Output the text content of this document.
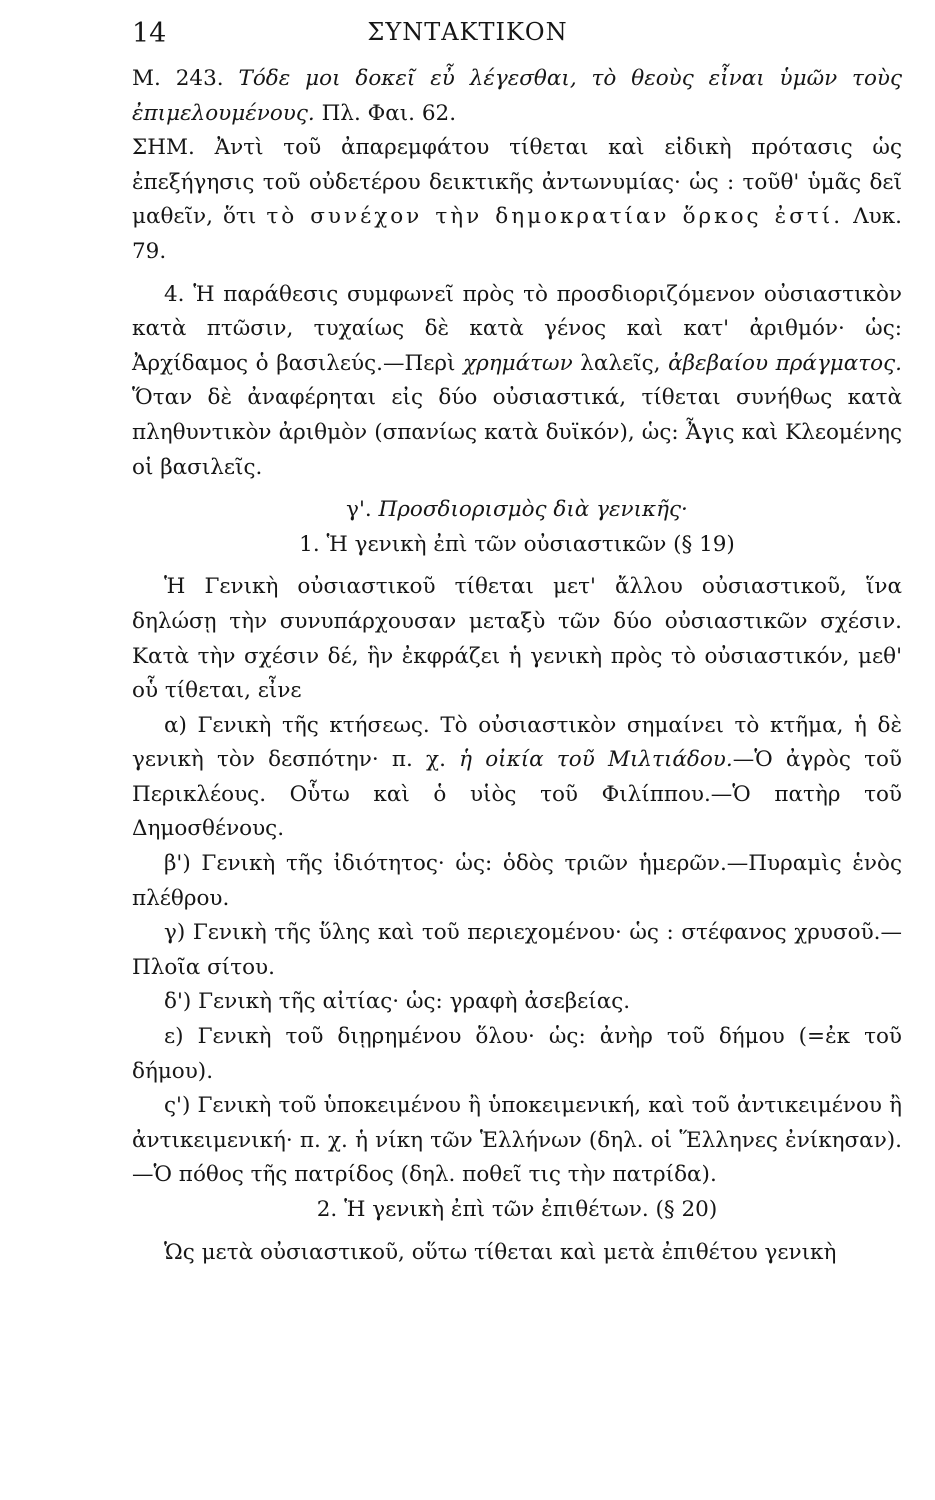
14	ΣΥΝΤΑΚΤΙΚΟΝ

Μ. 243. Τόδε μοι δοκεῖ εὖ λέγεσθαι, τὸ θεοὺς εἶναι ὑμῶν τοὺς ἐπιμελουμένους. Πλ. Φαι. 62.

ΣΗΜ. Ἀντὶ τοῦ ἀπαρεμφάτου τίθεται καὶ εἰδικὴ πρότασις ὡς ἐπεξήγησις τοῦ οὐδετέρου δεικτικῆς ἀντωνυμίας· ὡς : τοῦθ' ὑμᾶς δεῖ μαθεῖν, ὅτι τὸ συνέχον τὴν δημοκρατίαν ὅρκος ἐστί. Λυκ. 79.

4. Ἡ παράθεσις συμφωνεῖ πρὸς τὸ προσδιοριζόμενον οὐσιαστικὸν κατὰ πτῶσιν, τυχαίως δὲ κατὰ γένος καὶ κατ' ἀριθμόν· ὡς: Ἀρχίδαμος ὁ βασιλεύς.—Περὶ χρημάτων λαλεῖς, ἀβεβαίου πράγματος. Ὅταν δὲ ἀναφέρηται εἰς δύο οὐσιαστικά, τίθεται συνήθως κατὰ πληθυντικὸν ἀριθμὸν (σπανίως κατὰ δυϊκόν), ὡς: Ἆγις καὶ Κλεομένης οἱ βασιλεῖς.

γ'. Προσδιορισμὸς διὰ γενικῆς·

1. Ἡ γενικὴ ἐπὶ τῶν οὐσιαστικῶν (§ 19)

Ἡ Γενικὴ οὐσιαστικοῦ τίθεται μετ' ἄλλου οὐσιαστικοῦ, ἵνα δηλώσῃ τὴν συνυπάρχουσαν μεταξὺ τῶν δύο οὐσιαστικῶν σχέσιν. Κατὰ τὴν σχέσιν δέ, ἣν ἐκφράζει ἡ γενικὴ πρὸς τὸ οὐσιαστικόν, μεθ' οὗ τίθεται, εἶνε

α) Γενικὴ τῆς κτήσεως. Τὸ οὐσιαστικὸν σημαίνει τὸ κτῆμα, ἡ δὲ γενικὴ τὸν δεσπότην· π. χ. ἡ οἰκία τοῦ Μιλτιάδου.—Ὁ ἀγρὸς τοῦ Περικλέους. Οὗτω καὶ ὁ υἱὸς τοῦ Φιλίππου.—Ὁ πατὴρ τοῦ Δημοσθένους.

β') Γενικὴ τῆς ἰδιότητος· ὡς: ὁδὸς τριῶν ἡμερῶν.—Πυραμὶς ἑνὸς πλέθρου.

γ) Γενικὴ τῆς ὕλης καὶ τοῦ περιεχομένου· ὡς : στέφανος χρυσοῦ.—Πλοῖα σίτου.

δ') Γενικὴ τῆς αἰτίας· ὡς: γραφὴ ἀσεβείας.

ε) Γενικὴ τοῦ διῃρημένου ὅλου· ὡς: ἀνὴρ τοῦ δήμου (=ἐκ τοῦ δήμου).

ς') Γενικὴ τοῦ ὑποκειμένου ἢ ὑποκειμενική, καὶ τοῦ ἀντικειμένου ἢ ἀντικειμενική· π. χ. ἡ νίκη τῶν Ἑλλήνων (δηλ. οἱ Ἕλληνες ἐνίκησαν).—Ὁ πόθος τῆς πατρίδος (δηλ. ποθεῖ τις τὴν πατρίδα).

2. Ἡ γενικὴ ἐπὶ τῶν ἐπιθέτων. (§ 20)

Ὡς μετὰ οὐσιαστικοῦ, οὕτω τίθεται καὶ μετὰ ἐπιθέτου γενικὴ
